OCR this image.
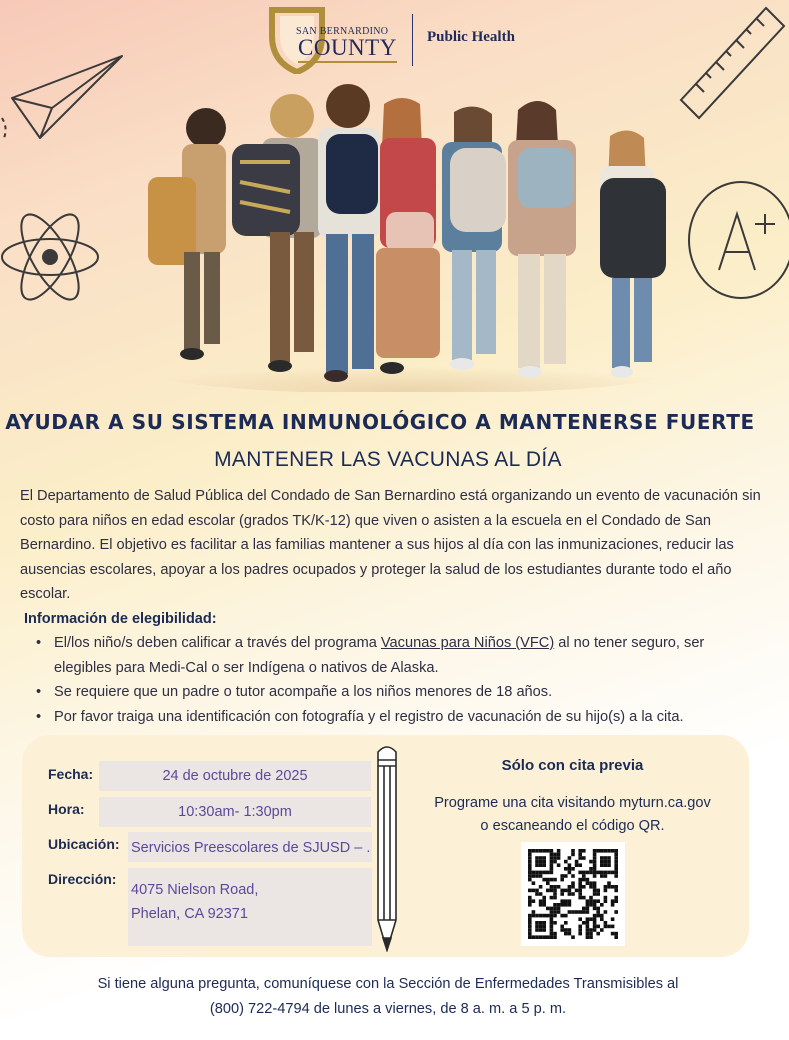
SAN BERNARDINO
COUNTY Public Health
AYUDAR A SU SISTEMA INMUNOLÓGICO A MANTENERSE FUERTE
MANTENER LAS VACUNAS AL DÍA
El Departamento de Salud Pública del Condado de San Bernardino está organizando un evento de vacunación sin costo para niños en edad escolar (grados TK/K-12) que viven o asisten a la escuela en el Condado de San Bernardino. El objetivo es facilitar a las familias mantener a sus hijos al día con las inmunizaciones, reducir las ausencias escolares, apoyar a los padres ocupados y proteger la salud de los estudiantes durante todo el año escolar.
Información de elegibilidad:
• El/los niño/s deben calificar a través del programa Vacunas para Niños (VFC) al no tener seguro, ser elegibles para Medi-Cal o ser Indígena o nativos de Alaska.
• Se requiere que un padre o tutor acompañe a los niños menores de 18 años.
• Por favor traiga una identificación con fotografía y el registro de vacunación de su hijo(s) a la cita.
Fecha:	24 de octubre de 2025
Hora:	10:30am- 1:30pm
Ubicación: Servicios Preescolares de SJUSD – .
Dirección:
4075 Nielson Road,
Phelan, CA 92371
Sólo con cita previa
Programe una cita visitando myturn.ca.gov
o escaneando el código QR.
Si tiene alguna pregunta, comuníquese con la Sección de Enfermedades Transmisibles al
(800) 722-4794 de lunes a viernes, de 8 a. m. a 5 p. m.
